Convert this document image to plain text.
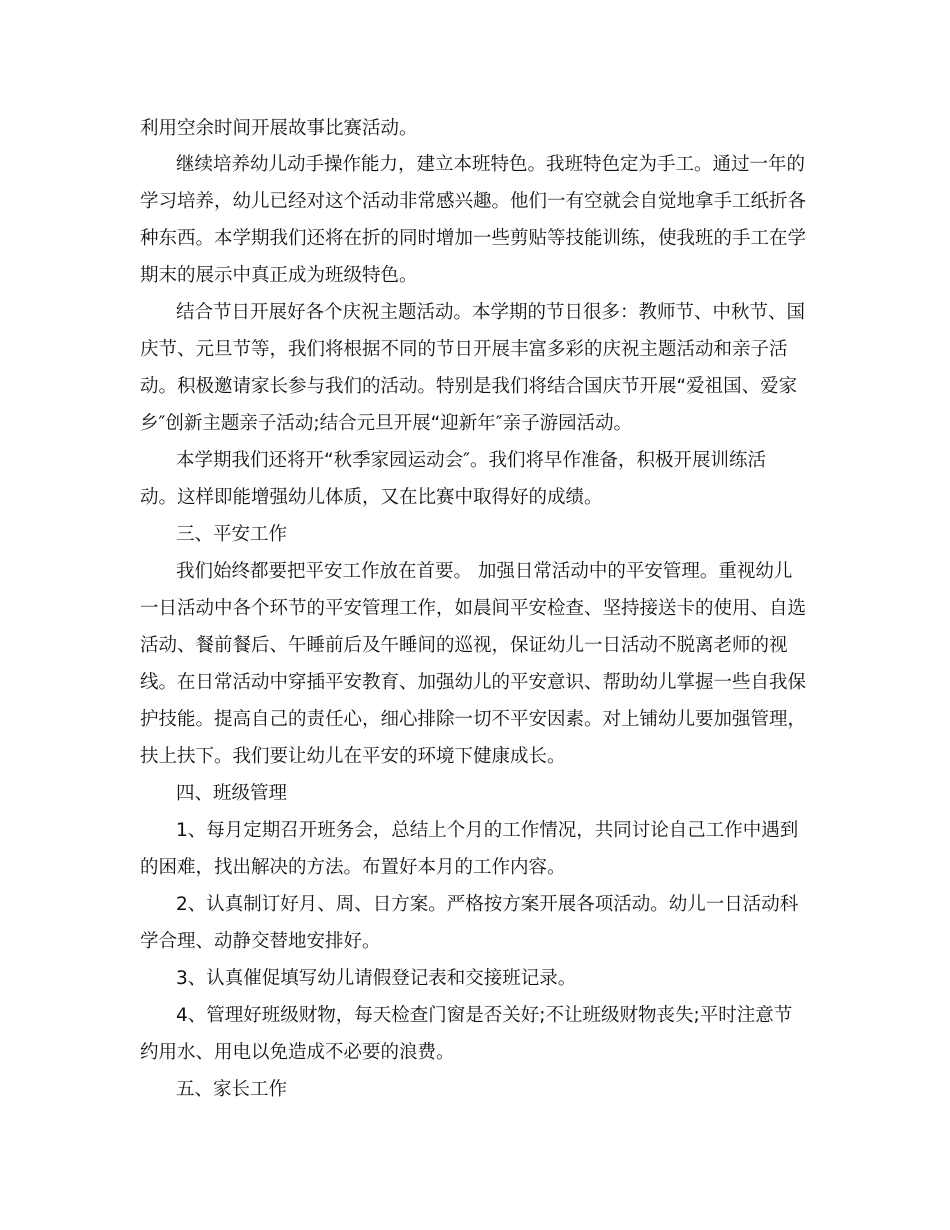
利用空余时间开展故事比赛活动。
继续培养幼儿动手操作能力，建立本班特色。我班特色定为手工。通过一年的
学习培养，幼儿已经对这个活动非常感兴趣。他们一有空就会自觉地拿手工纸折各
种东西。本学期我们还将在折的同时增加一些剪贴等技能训练，使我班的手工在学
期末的展示中真正成为班级特色。
结合节日开展好各个庆祝主题活动。本学期的节日很多：教师节、中秋节、国
庆节、元旦节等，我们将根据不同的节日开展丰富多彩的庆祝主题活动和亲子活
动。积极邀请家长参与我们的活动。特别是我们将结合国庆节开展“爱祖国、爱家
乡″创新主题亲子活动;结合元旦开展“迎新年″亲子游园活动。
本学期我们还将开“秋季家园运动会″。我们将早作准备，积极开展训练活
动。这样即能增强幼儿体质，又在比赛中取得好的成绩。
三、平安工作
我们始终都要把平安工作放在首要。 加强日常活动中的平安管理。重视幼儿
一日活动中各个环节的平安管理工作，如晨间平安检查、坚持接送卡的使用、自选
活动、餐前餐后、午睡前后及午睡间的巡视，保证幼儿一日活动不脱离老师的视
线。在日常活动中穿插平安教育、加强幼儿的平安意识、帮助幼儿掌握一些自我保
护技能。提高自己的责任心，细心排除一切不平安因素。对上铺幼儿要加强管理，
扶上扶下。我们要让幼儿在平安的环境下健康成长。
四、班级管理
1、每月定期召开班务会，总结上个月的工作情况，共同讨论自己工作中遇到
的困难，找出解决的方法。布置好本月的工作内容。
2、认真制订好月、周、日方案。严格按方案开展各项活动。幼儿一日活动科
学合理、动静交替地安排好。
3、认真催促填写幼儿请假登记表和交接班记录。
4、管理好班级财物，每天检查门窗是否关好;不让班级财物丧失;平时注意节
约用水、用电以免造成不必要的浪费。
五、家长工作
